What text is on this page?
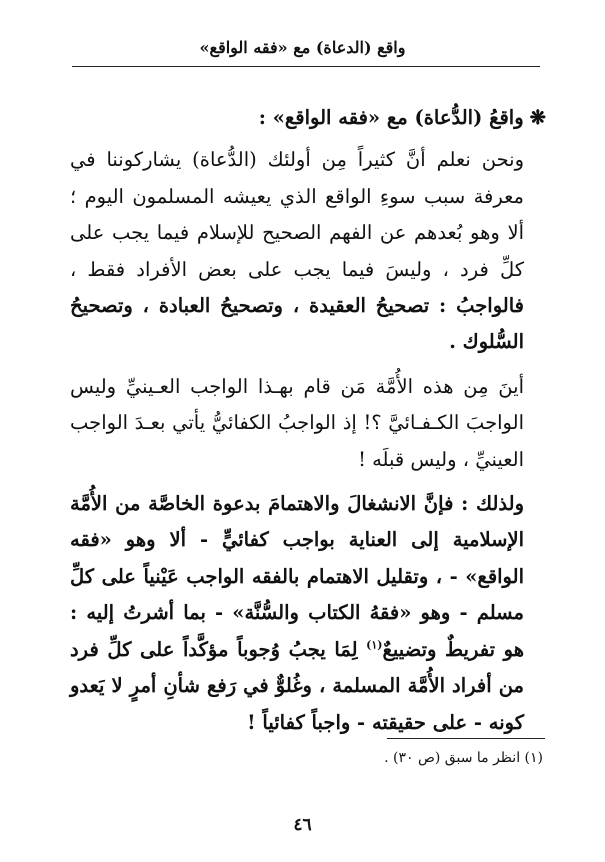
واقع (الدعاة) مع «فقه الواقع»

❋واقعُ (الدُّعاة) مع «فقه الواقع» :

ونحن نعلم أنَّ كثيراً مِن أولئك (الدُّعاة) يشاركوننا في معرفة سبب سوءِ الواقع الذي يعيشه المسلمون اليوم ؛ ألا وهو بُعدهم عن الفهم الصحيح للإسلام فيما يجب على كلِّ فرد ، وليسَ فيما يجب على بعض الأفراد فقط ، فالواجبُ : تصحيحُ العقيدة ، وتصحيحُ العبادة ، وتصحيحُ السُّلوك .

أينَ مِن هذه الأُمَّة مَن قام بهـذا الواجب العـينيِّ وليس الواجبَ الكـفـائيَّ ؟! إذ الواجبُ الكفائيُّ يأتي بعـدَ الواجب العينيِّ ، وليس قبلَه !

ولذلك : فإنَّ الانشغالَ والاهتمامَ بدعوة الخاصَّة من الأُمَّة الإسلامية إلى العناية بواجب كفائيٍّ - ألا وهو «فقه الواقع» - ، وتقليل الاهتمام بالفقه الواجب عَيْنياً على كلِّ مسلم - وهو «فقهُ الكتاب والسُّنَّة» - بما أشرتُ إليه : هو تفريطٌ وتضييعٌ$^{(١)}$ لِمَا يجبُ وُجوباً مؤكَّداً على كلِّ فرد من أفراد الأُمَّة المسلمة ، وغُلوٌّ في رَفع شأنِ أمرٍ لا يَعدو كونه - على حقيقته - واجباً كفائياً !

(١) انظر ما سبق (ص ٣٠) .
٤٦
